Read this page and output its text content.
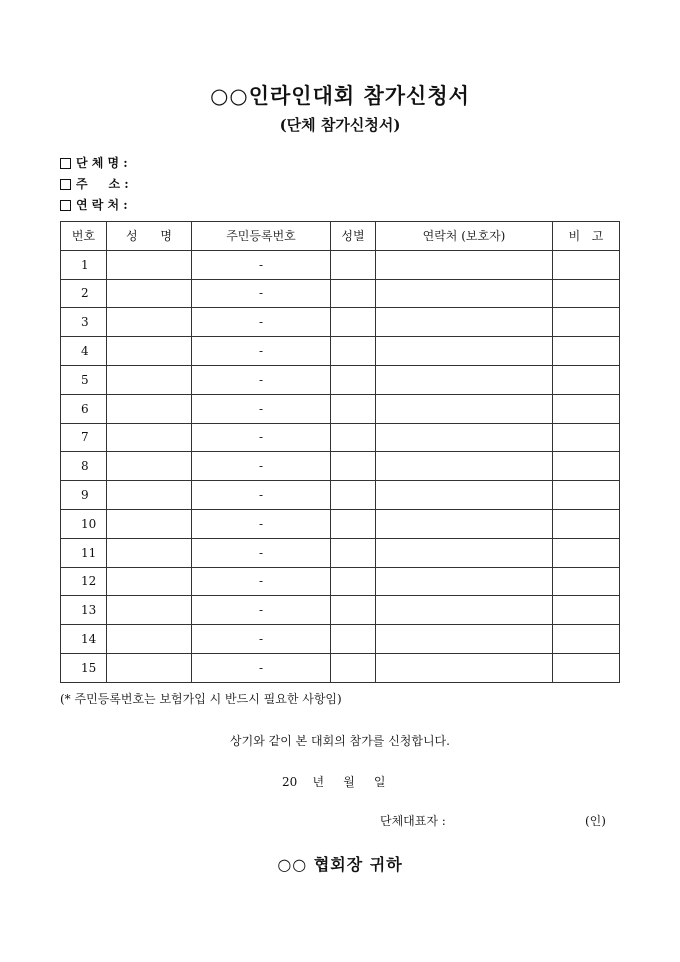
○○인라인대회 참가신청서
(단체 참가신청서)
단 체 명 :
주     소 :
연 락 처 :
번호	성      명	주민등록번호	성별	연락처 (보호자)	비   고
1		-			
2		-			
3		-			
4		-			
5		-			
6		-			
7		-			
8		-			
9		-			
10		-			
11		-			
12		-			
13		-			
14		-			
15		-			
(* 주민등록번호는 보험가입 시 반드시 필요한 사항임)
상기와 같이 본 대회의 참가를 신청합니다.
20    년     월     일
단체대표자 :	(인)
○○ 협회장 귀하
